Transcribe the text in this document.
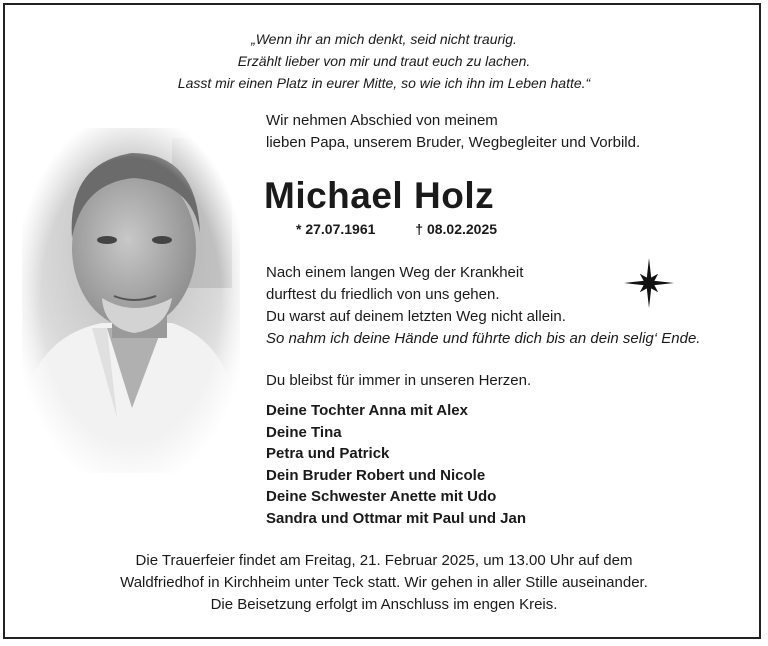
„Wenn ihr an mich denkt, seid nicht traurig.
Erzählt lieber von mir und traut euch zu lachen.
Lasst mir einen Platz in eurer Mitte, so wie ich ihn im Leben hatte.“
Wir nehmen Abschied von meinem
lieben Papa, unserem Bruder, Wegbegleiter und Vorbild.
Michael Holz
* 27.07.1961	† 08.02.2025
Nach einem langen Weg der Krankheit
durftest du friedlich von uns gehen.
Du warst auf deinem letzten Weg nicht allein.
So nahm ich deine Hände und führte dich bis an dein selig‘ Ende.
Du bleibst für immer in unseren Herzen.
Deine Tochter Anna mit Alex
Deine Tina
Petra und Patrick
Dein Bruder Robert und Nicole
Deine Schwester Anette mit Udo
Sandra und Ottmar mit Paul und Jan
Die Trauerfeier findet am Freitag, 21. Februar 2025, um 13.00 Uhr auf dem
Waldfriedhof in Kirchheim unter Teck statt. Wir gehen in aller Stille auseinander.
Die Beisetzung erfolgt im Anschluss im engen Kreis.
